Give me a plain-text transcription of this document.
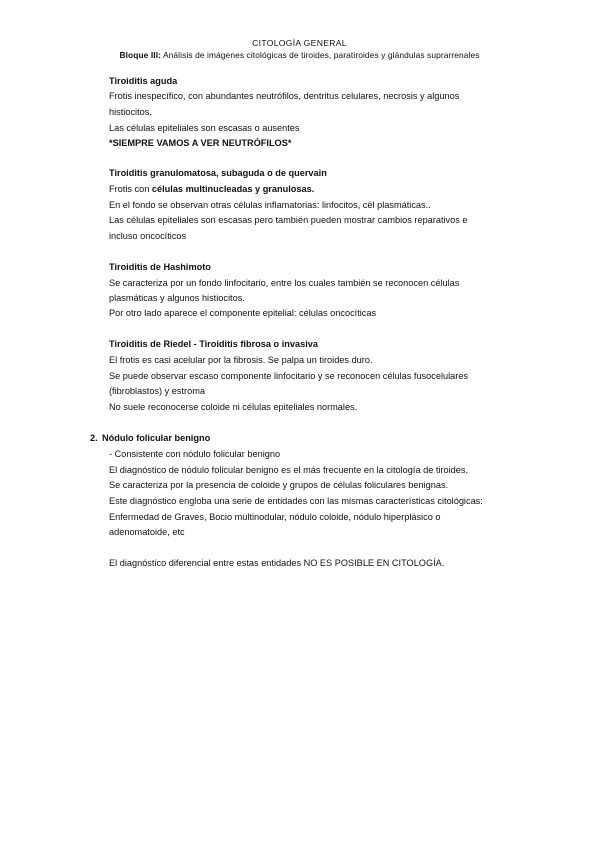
CITOLOGÍA GENERAL
Bloque III: Análisis de imágenes citológicas de tiroides, paratiroides y glándulas suprarrenales
Tiroiditis aguda
Frotis inespecífico, con abundantes neutrófilos, dentritus celulares, necrosis y algunos
histiocitos.
Las células epiteliales son escasas o ausentes
*SIEMPRE VAMOS A VER NEUTRÓFILOS*
Tiroiditis granulomatosa, subaguda o de quervain
Frotis con células multinucleadas y granulosas.
En el fondo se observan otras células inflamatorias: linfocitos, cél plasmáticas..
Las células epiteliales son escasas pero también pueden mostrar cambios reparativos e
incluso oncocíticos
Tiroiditis de Hashimoto
Se caracteriza por un fondo linfocitario, entre los cuales también se reconocen células
plasmáticas y algunos histiocitos.
Por otro lado aparece el componente epitelial: células oncocíticas
Tiroiditis de Riedel - Tiroiditis fibrosa o invasiva
El frotis es casi acelular por la fibrosis. Se palpa un tiroides duro.
Se puede observar escaso componente linfocitario y se reconocen células fusocelulares
(fibroblastos) y estroma
No suele reconocerse coloide ni células epiteliales normales.
2. Nódulo folicular benigno
- Consistente con nódulo folicular benigno
El diagnóstico de nódulo folicular benigno es el más frecuente en la citología de tiroides.
Se caracteriza por la presencia de coloide y grupos de células foliculares benignas.
Este diagnóstico engloba una serie de entidades con las mismas características citológicas:
Enfermedad de Graves, Bocio multinodular, nódulo coloide, nódulo hiperplásico o
adenomatoide, etc
El diagnóstico diferencial entre estas entidades NO ES POSIBLE EN CITOLOGÍA.
